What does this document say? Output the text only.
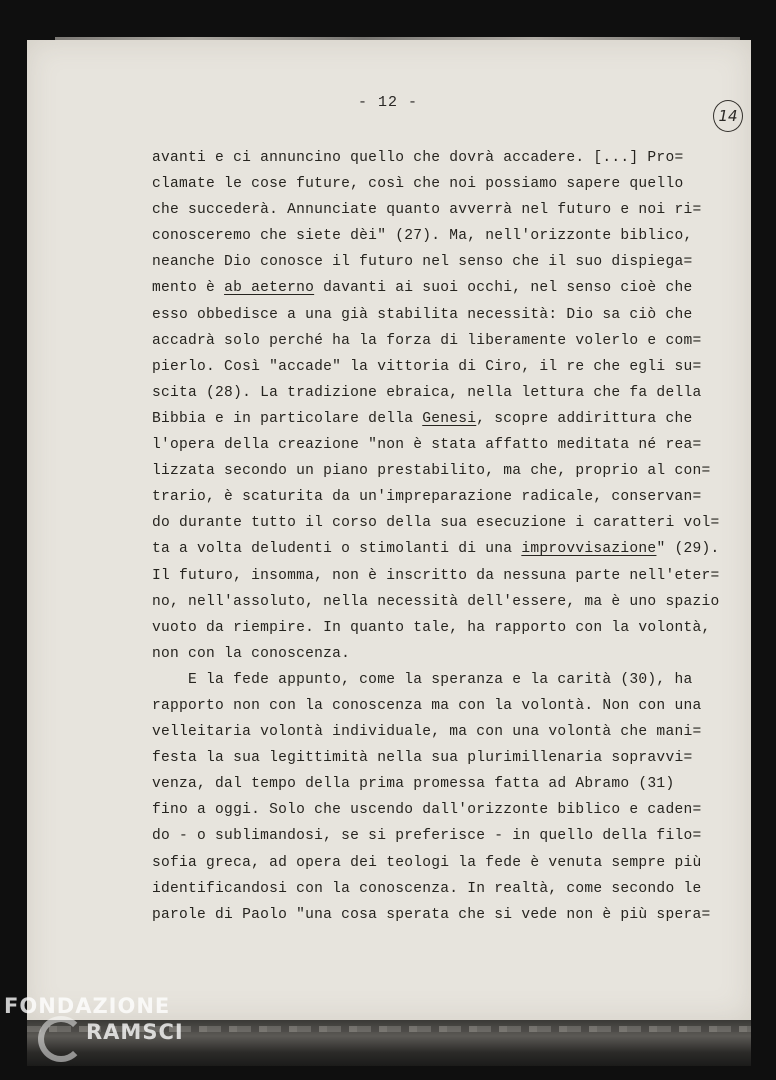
14
- 12 -
avanti e ci annuncino quello che dovrà accadere. [...] Pro=
clamate le cose future, così che noi possiamo sapere quello
che succederà. Annunciate quanto avverrà nel futuro e noi ri=
conosceremo che siete dèi" (27). Ma, nell'orizzonte biblico,
neanche Dio conosce il futuro nel senso che il suo dispiega=
mento è ab aeterno davanti ai suoi occhi, nel senso cioè che
esso obbedisce a una già stabilita necessità: Dio sa ciò che
accadrà solo perché ha la forza di liberamente volerlo e com=
pierlo. Così "accade" la vittoria di Ciro, il re che egli su=
scita (28). La tradizione ebraica, nella lettura che fa della
Bibbia e in particolare della Genesi, scopre addirittura che
l'opera della creazione "non è stata affatto meditata né rea=
lizzata secondo un piano prestabilito, ma che, proprio al con=
trario, è scaturita da un'impreparazione radicale, conservan=
do durante tutto il corso della sua esecuzione i caratteri vol=
ta a volta deludenti o stimolanti di una improvvisazione" (29).
Il futuro, insomma, non è inscritto da nessuna parte nell'eter=
no, nell'assoluto, nella necessità dell'essere, ma è uno spazio
vuoto da riempire. In quanto tale, ha rapporto con la volontà,
non con la conoscenza.
E la fede appunto, come la speranza e la carità (30), ha
rapporto non con la conoscenza ma con la volontà. Non con una
velleitaria volontà individuale, ma con una volontà che mani=
festa la sua legittimità nella sua plurimillenaria sopravvi=
venza, dal tempo della prima promessa fatta ad Abramo (31)
fino a oggi. Solo che uscendo dall'orizzonte biblico e caden=
do - o sublimandosi, se si preferisce - in quello della filo=
sofia greca, ad opera dei teologi la fede è venuta sempre più
identificandosi con la conoscenza. In realtà, come secondo le
parole di Paolo "una cosa sperata che si vede non è più spera=
FONDAZIONE
RAMSCI
